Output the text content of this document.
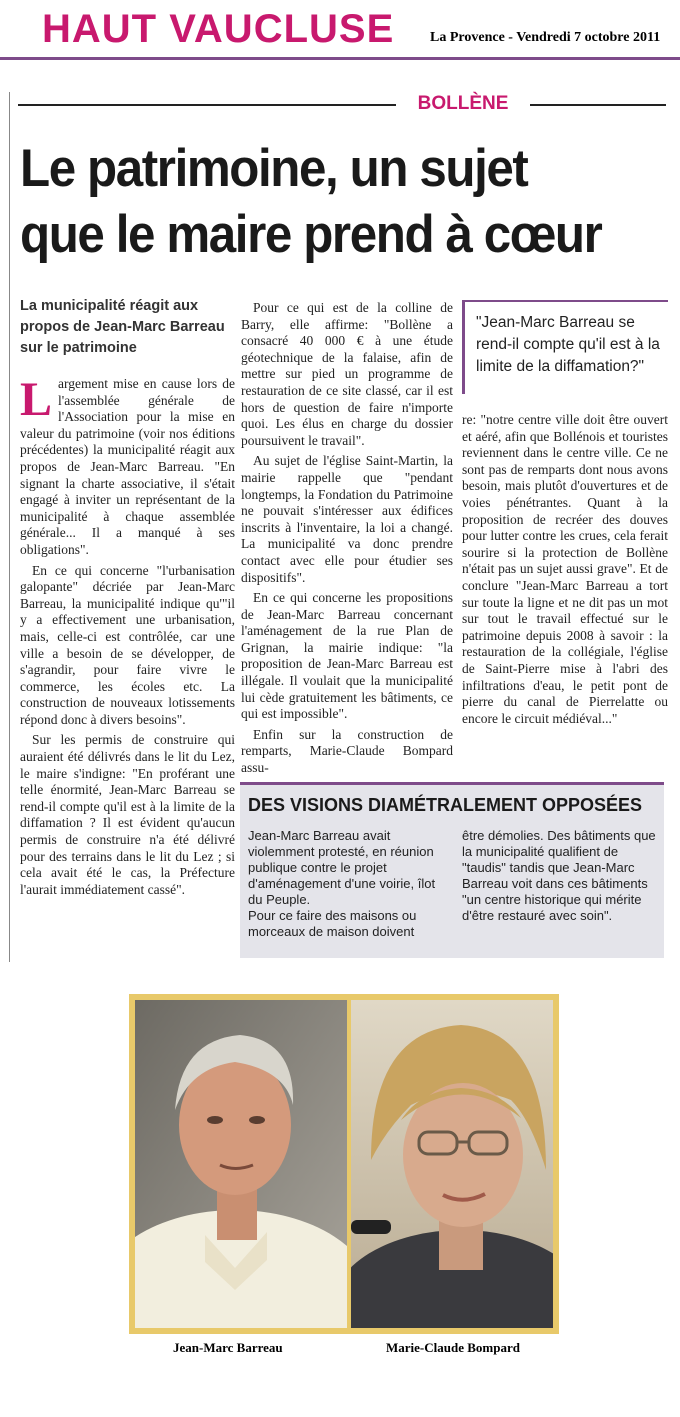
HAUT VAUCLUSE	La Provence - Vendredi 7 octobre 2011
BOLLÈNE
Le patrimoine, un sujet
que le maire prend à cœur
La municipalité réagit aux propos de Jean-Marc Barreau sur le patrimoine

Largement mise en cause lors de l'assemblée générale de l'Association pour la mise en valeur du patrimoine (voir nos éditions précédentes) la municipalité réagit aux propos de Jean-Marc Barreau. "En signant la charte associative, il s'était engagé à inviter un représentant de la municipalité à chaque assemblée générale... Il a manqué à ses obligations".

En ce qui concerne "l'urbanisation galopante" décriée par Jean-Marc Barreau, la municipalité indique qu'"il y a effectivement une urbanisation, mais, celle-ci est contrôlée, car une ville a besoin de se développer, de s'agrandir, pour faire vivre le commerce, les écoles etc. La construction de nouveaux lotissements répond donc à divers besoins".

Sur les permis de construire qui auraient été délivrés dans le lit du Lez, le maire s'indigne: "En proférant une telle énormité, Jean-Marc Barreau se rend-il compte qu'il est à la limite de la diffamation ? Il est évident qu'aucun permis de construire n'a été délivré pour des terrains dans le lit du Lez ; si cela avait été le cas, la Préfecture l'aurait immédiatement cassé".

Pour ce qui est de la colline de Barry, elle affirme: "Bollène a consacré 40 000 € à une étude géotechnique de la falaise, afin de mettre sur pied un programme de restauration de ce site classé, car il est hors de question de faire n'importe quoi. Les élus en charge du dossier poursuivent le travail".

Au sujet de l'église Saint-Martin, la mairie rappelle que "pendant longtemps, la Fondation du Patrimoine ne pouvait s'intéresser aux édifices inscrits à l'inventaire, la loi a changé. La municipalité va donc prendre contact avec elle pour étudier ses dispositifs".

En ce qui concerne les propositions de Jean-Marc Barreau concernant l'aménagement de la rue Plan de Grignan, la mairie indique: "la proposition de Jean-Marc Barreau est illégale. Il voulait que la municipalité lui cède gratuitement les bâtiments, ce qui est impossible".

Enfin sur la construction de remparts, Marie-Claude Bompard assu-

"Jean-Marc Barreau se rend-il compte qu'il est à la limite de la diffamation?"

re: "notre centre ville doit être ouvert et aéré, afin que Bollénois et touristes reviennent dans le centre ville. Ce ne sont pas de remparts dont nous avons besoin, mais plutôt d'ouvertures et de voies pénétrantes. Quant à la proposition de recréer des douves pour lutter contre les crues, cela ferait sourire si la protection de Bollène n'était pas un sujet aussi grave". Et de conclure "Jean-Marc Barreau a tort sur toute la ligne et ne dit pas un mot sur tout le travail effectué sur le patrimoine depuis 2008 à savoir : la restauration de la collégiale, l'église de Saint-Pierre mise à l'abri des infiltrations d'eau, le petit pont de pierre du canal de Pierrelatte ou encore le circuit médiéval..."

DES VISIONS DIAMÉTRALEMENT OPPOSÉES

Jean-Marc Barreau avait violemment protesté, en réunion publique contre le projet d'aménagement d'une voirie, îlot du Peuple.

Pour ce faire des maisons ou morceaux de maison doivent

être démolies. Des bâtiments que la municipalité qualifient de "taudis" tandis que Jean-Marc Barreau voit dans ces bâtiments "un centre historique qui mérite d'être restauré avec soin".

Jean-Marc Barreau	Marie-Claude Bompard
